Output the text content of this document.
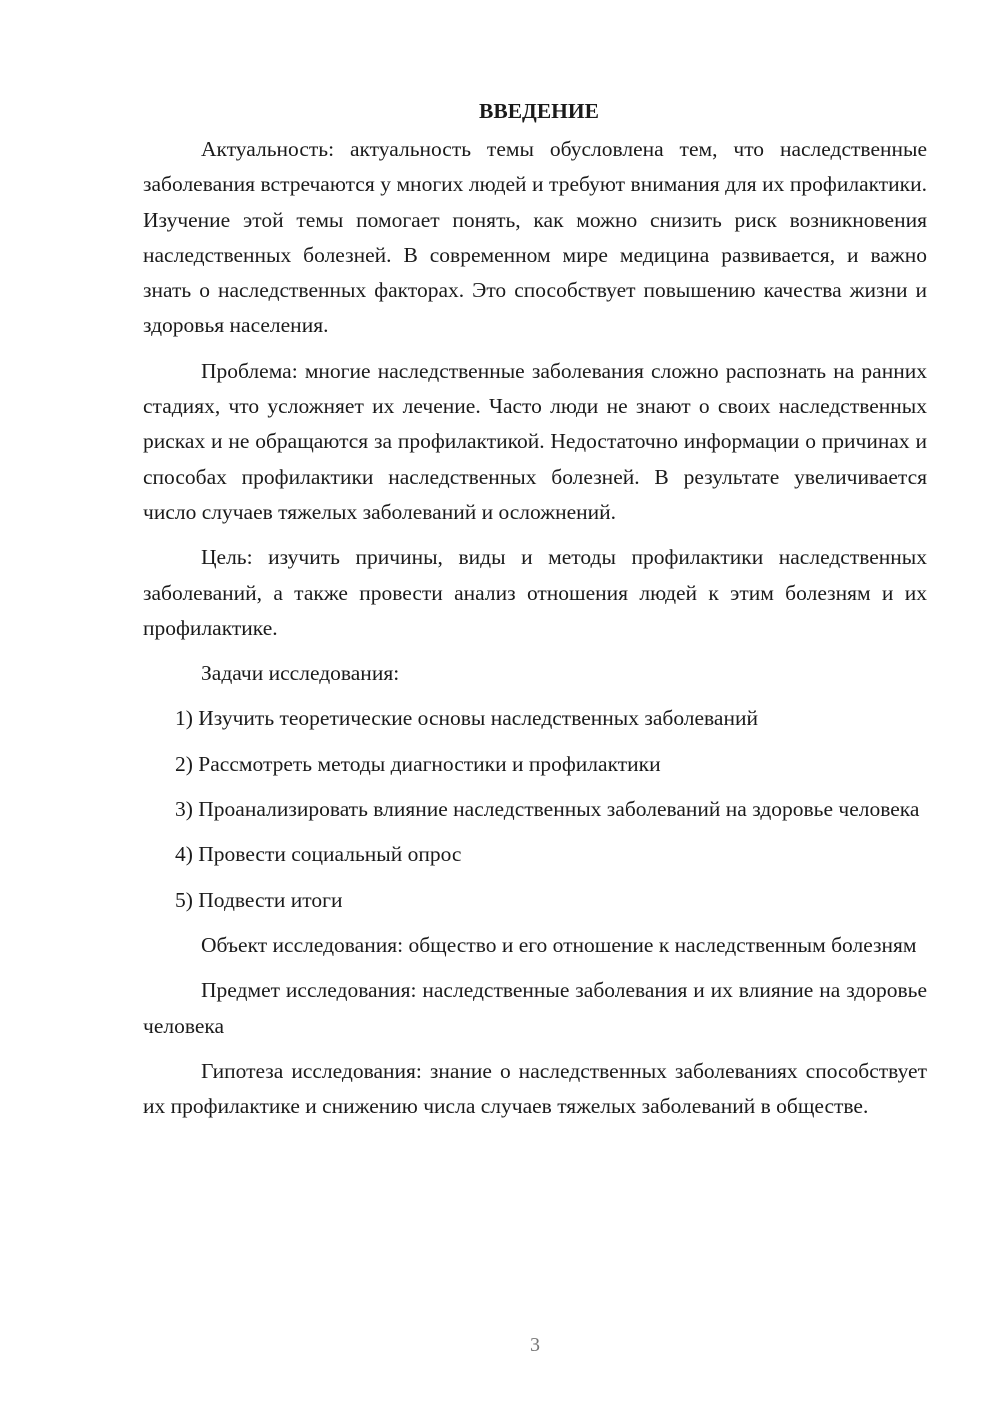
ВВЕДЕНИЕ

Актуальность: актуальность темы обусловлена тем, что наследственные заболевания встречаются у многих людей и требуют внимания для их профилактики. Изучение этой темы помогает понять, как можно снизить риск возникновения наследственных болезней. В современном мире медицина развивается, и важно знать о наследственных факторах. Это способствует повышению качества жизни и здоровья населения.

Проблема: многие наследственные заболевания сложно распознать на ранних стадиях, что усложняет их лечение. Часто люди не знают о своих наследственных рисках и не обращаются за профилактикой. Недостаточно информации о причинах и способах профилактики наследственных болезней. В результате увеличивается число случаев тяжелых заболеваний и осложнений.

Цель: изучить причины, виды и методы профилактики наследственных заболеваний, а также провести анализ отношения людей к этим болезням и их профилактике.

Задачи исследования:

1) Изучить теоретические основы наследственных заболеваний

2) Рассмотреть методы диагностики и профилактики

3) Проанализировать влияние наследственных заболеваний на здоровье человека

4) Провести социальный опрос

5) Подвести итоги

Объект исследования: общество и его отношение к наследственным болезням

Предмет исследования: наследственные заболевания и их влияние на здоровье человека

Гипотеза исследования: знание о наследственных заболеваниях способствует их профилактике и снижению числа случаев тяжелых заболеваний в обществе.

3
